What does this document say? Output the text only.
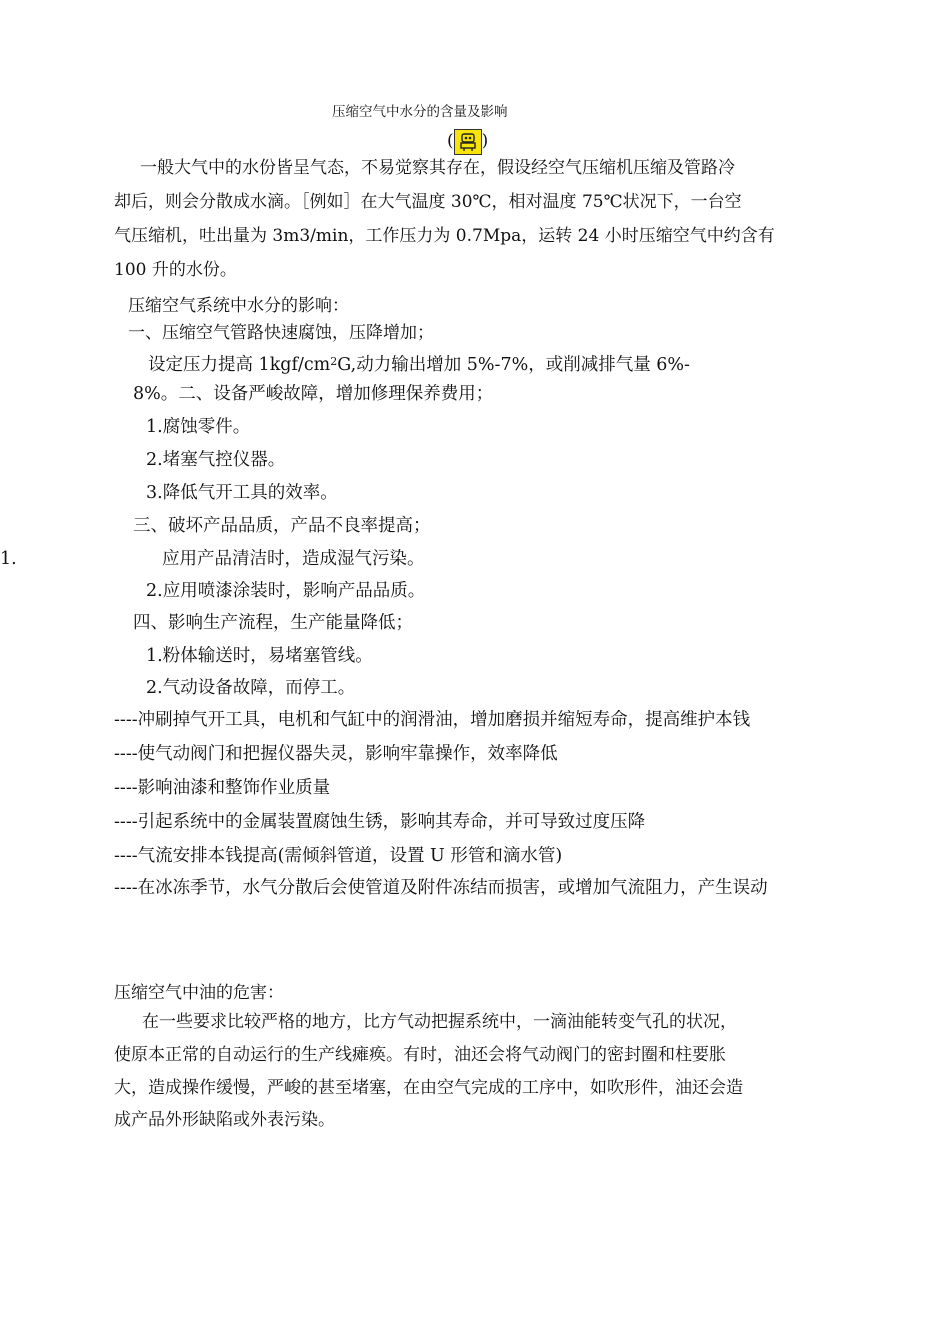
压缩空气中水分的含量及影响
( )
一般大气中的水份皆呈气态，不易觉察其存在，假设经空气压缩机压缩及管路冷
却后，则会分散成水滴。［例如］在大气温度 30℃，相对温度 75℃状况下，一台空
气压缩机，吐出量为 3m3/min，工作压力为 0.7Mpa，运转 24 小时压缩空气中约含有
100 升的水份。
压缩空气系统中水分的影响：
一、压缩空气管路快速腐蚀，压降增加；
设定压力提高 $1kgf/cm^2G$,动力输出增加 5%-7%，或削减排气量 6%-
8%。二、设备严峻故障，增加修理保养费用；
1.腐蚀零件。
2.堵塞气控仪器。
3.降低气开工具的效率。
三、破坏产品品质，产品不良率提高；
1.	应用产品清洁时，造成湿气污染。
2.应用喷漆涂装时，影响产品品质。
四、影响生产流程，生产能量降低；
1.粉体输送时，易堵塞管线。
2.气动设备故障，而停工。
----冲刷掉气开工具，电机和气缸中的润滑油，增加磨损并缩短寿命，提高维护本钱
----使气动阀门和把握仪器失灵，影响牢靠操作，效率降低
----影响油漆和整饰作业质量
----引起系统中的金属装置腐蚀生锈，影响其寿命，并可导致过度压降
----气流安排本钱提高(需倾斜管道，设置 U 形管和滴水管)
----在冰冻季节，水气分散后会使管道及附件冻结而损害，或增加气流阻力，产生误动
压缩空气中油的危害：
在一些要求比较严格的地方，比方气动把握系统中，一滴油能转变气孔的状况，
使原本正常的自动运行的生产线瘫痪。有时，油还会将气动阀门的密封圈和柱要胀
大，造成操作缓慢，严峻的甚至堵塞，在由空气完成的工序中，如吹形件，油还会造
成产品外形缺陷或外表污染。
